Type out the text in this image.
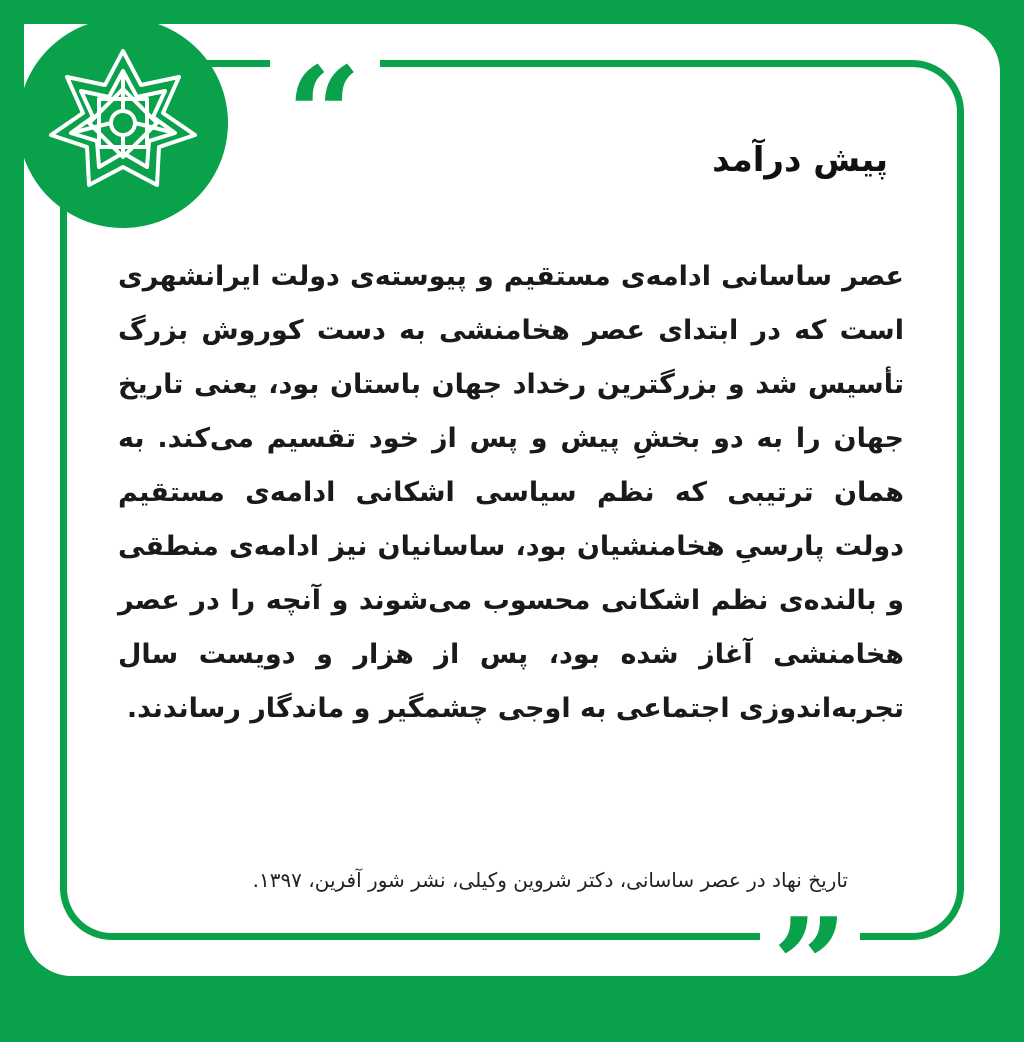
“	پیش درآمد

عصر ساسانی ادامه‌ی مستقیم و پیوسته‌ی دولت ایرانشهری است که در ابتدای عصر هخامنشی به دست کوروش بزرگ تأسیس شد و بزرگترین رخداد جهان باستان بود، یعنی تاریخ جهان را به دو بخشِ پیش و پس از خود تقسیم می‌کند. به همان ترتیبی که نظم سیاسی اشکانی ادامه‌ی مستقیم دولت پارسیِ هخامنشیان بود، ساسانیان نیز ادامه‌ی منطقی و بالنده‌ی نظم اشکانی محسوب می‌شوند و آنچه را در عصر هخامنشی آغاز شده بود، پس از هزار و دویست سال تجربه‌اندوزی اجتماعی به اوجی چشمگیر و ماندگار رساندند.

تاریخ نهاد در عصر ساسانی، دکتر شروین وکیلی، نشر شور آفرین، ۱۳۹۷.
